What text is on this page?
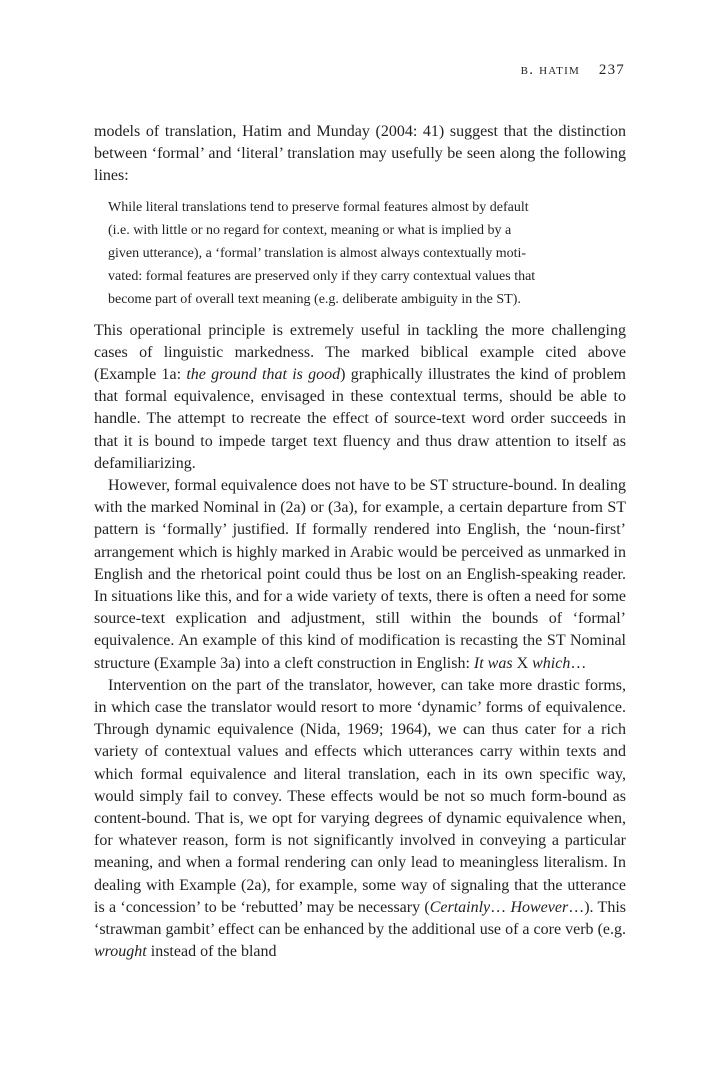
b. hatim 237

models of translation, Hatim and Munday (2004: 41) suggest that the distinction between ‘formal’ and ‘literal’ translation may usefully be seen along the following lines:

While literal translations tend to preserve formal features almost by default
(i.e. with little or no regard for context, meaning or what is implied by a
given utterance), a ‘formal’ translation is almost always contextually moti-
vated: formal features are preserved only if they carry contextual values that
become part of overall text meaning (e.g. deliberate ambiguity in the ST).

This operational principle is extremely useful in tackling the more challenging cases of linguistic markedness. The marked biblical example cited above (Example 1a: the ground that is good) graphically illustrates the kind of problem that formal equivalence, envisaged in these contextual terms, should be able to handle. The attempt to recreate the effect of source-text word order succeeds in that it is bound to impede target text fluency and thus draw attention to itself as defamiliarizing.

However, formal equivalence does not have to be ST structure-bound. In dealing with the marked Nominal in (2a) or (3a), for example, a certain departure from ST pattern is ‘formally’ justified. If formally rendered into English, the ‘noun-first’ arrangement which is highly marked in Arabic would be perceived as unmarked in English and the rhetorical point could thus be lost on an English-speaking reader. In situations like this, and for a wide variety of texts, there is often a need for some source-text explication and adjustment, still within the bounds of ‘formal’ equivalence. An example of this kind of modification is recasting the ST Nominal structure (Example 3a) into a cleft construction in English: It was X which…

Intervention on the part of the translator, however, can take more drastic forms, in which case the translator would resort to more ‘dynamic’ forms of equivalence. Through dynamic equivalence (Nida, 1969; 1964), we can thus cater for a rich variety of contextual values and effects which utterances carry within texts and which formal equivalence and literal translation, each in its own specific way, would simply fail to convey. These effects would be not so much form-bound as content-bound. That is, we opt for varying degrees of dynamic equivalence when, for whatever reason, form is not significantly involved in conveying a particular meaning, and when a formal rendering can only lead to meaningless literalism. In dealing with Example (2a), for example, some way of signaling that the utterance is a ‘concession’ to be ‘rebutted’ may be necessary (Certainly… However…). This ‘strawman gambit’ effect can be enhanced by the additional use of a core verb (e.g. wrought instead of the bland
